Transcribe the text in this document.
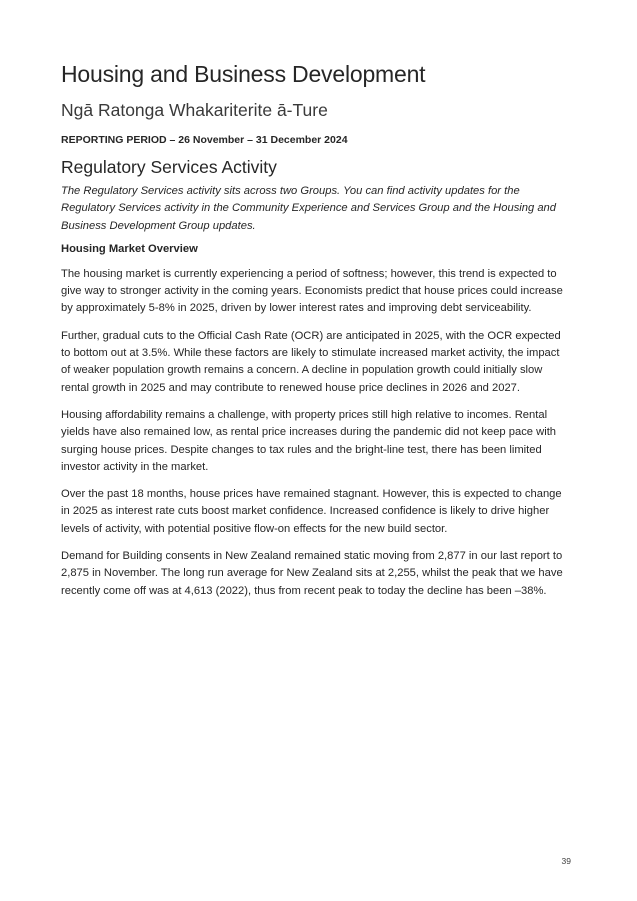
Housing and Business Development
Ngā Ratonga Whakariterite ā-Ture
REPORTING PERIOD – 26 November – 31 December 2024
Regulatory Services Activity

The Regulatory Services activity sits across two Groups. You can find activity updates for the Regulatory Services activity in the Community Experience and Services Group and the Housing and Business Development Group updates.

Housing Market Overview

The housing market is currently experiencing a period of softness; however, this trend is expected to give way to stronger activity in the coming years. Economists predict that house prices could increase by approximately 5-8% in 2025, driven by lower interest rates and improving debt serviceability.

Further, gradual cuts to the Official Cash Rate (OCR) are anticipated in 2025, with the OCR expected to bottom out at 3.5%. While these factors are likely to stimulate increased market activity, the impact of weaker population growth remains a concern. A decline in population growth could initially slow rental growth in 2025 and may contribute to renewed house price declines in 2026 and 2027.

Housing affordability remains a challenge, with property prices still high relative to incomes. Rental yields have also remained low, as rental price increases during the pandemic did not keep pace with surging house prices. Despite changes to tax rules and the bright-line test, there has been limited investor activity in the market.

Over the past 18 months, house prices have remained stagnant. However, this is expected to change in 2025 as interest rate cuts boost market confidence. Increased confidence is likely to drive higher levels of activity, with potential positive flow-on effects for the new build sector.

Demand for Building consents in New Zealand remained static moving from 2,877 in our last report to 2,875 in November. The long run average for New Zealand sits at 2,255, whilst the peak that we have recently come off was at 4,613 (2022), thus from recent peak to today the decline has been –38%.

39
